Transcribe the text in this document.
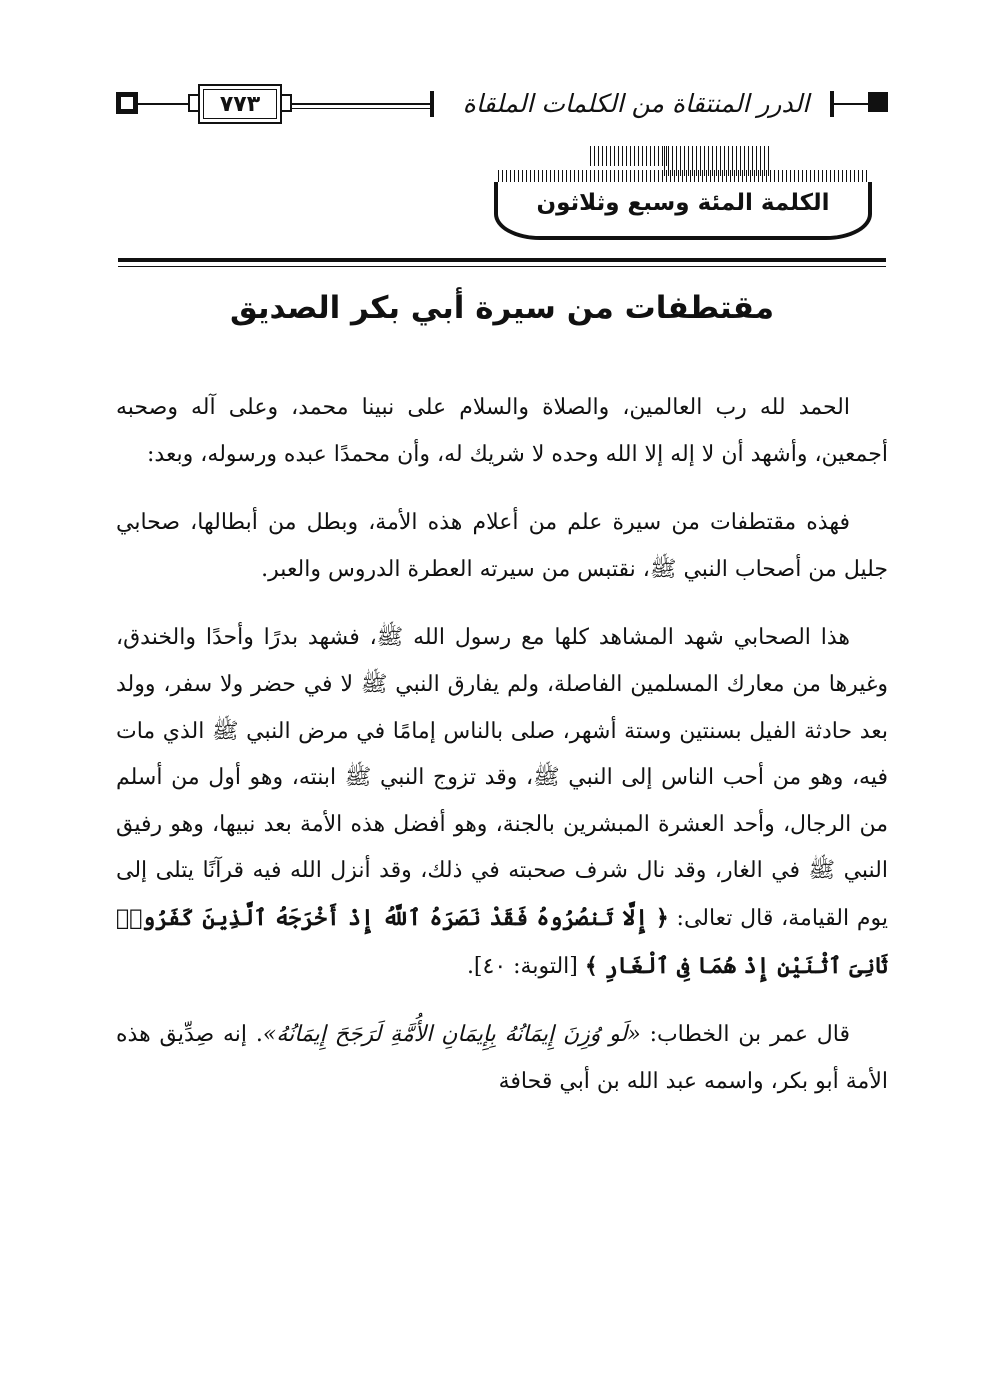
٧٧٣	الدرر المنتقاة من الكلمات الملقاة
الكلمة المئة وسبع وثلاثون
مقتطفات من سيرة أبي بكر الصديق

الحمد لله رب العالمين، والصلاة والسلام على نبينا محمد، وعلى آله وصحبه أجمعين، وأشهد أن لا إله إلا الله وحده لا شريك له، وأن محمدًا عبده ورسوله، وبعد:

فهذه مقتطفات من سيرة علم من أعلام هذه الأمة، وبطل من أبطالها، صحابي جليل من أصحاب النبي ﷺ، نقتبس من سيرته العطرة الدروس والعبر.

هذا الصحابي شهد المشاهد كلها مع رسول الله ﷺ، فشهد بدرًا وأحدًا والخندق، وغيرها من معارك المسلمين الفاصلة، ولم يفارق النبي ﷺ لا في حضر ولا سفر، وولد بعد حادثة الفيل بسنتين وستة أشهر، صلى بالناس إمامًا في مرض النبي ﷺ الذي مات فيه، وهو من أحب الناس إلى النبي ﷺ، وقد تزوج النبي ﷺ ابنته، وهو أول من أسلم من الرجال، وأحد العشرة المبشرين بالجنة، وهو أفضل هذه الأمة بعد نبيها، وهو رفيق النبي ﷺ في الغار، وقد نال شرف صحبته في ذلك، وقد أنزل الله فيه قرآنًا يتلى إلى يوم القيامة، قال تعالى: ﴿ إِلَّا تَنصُرُوهُ فَقَدْ نَصَرَهُ ٱللَّهُ إِذْ أَخْرَجَهُ ٱلَّذِينَ كَفَرُوا۟ ثَانِىَ ٱثْنَيْنِ إِذْ هُمَا فِى ٱلْغَارِ ﴾ [التوبة: ٤٠].

قال عمر بن الخطاب: «لَو وُزِنَ إِيمَانُهُ بِإِيمَانِ الأُمَّةِ لَرَجَحَ إِيمَانُهُ». إنه صِدِّيق هذه الأمة أبو بكر، واسمه عبد الله بن أبي قحافة
